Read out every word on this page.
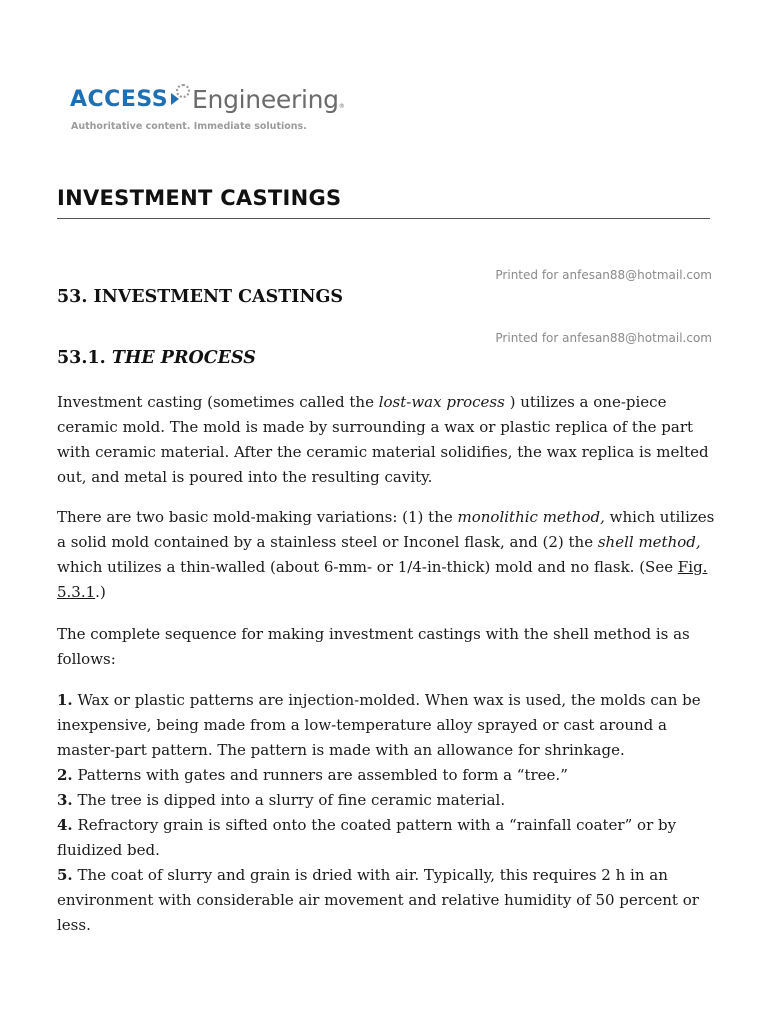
ACCESS Engineering ®
Authoritative content. Immediate solutions.
INVESTMENT CASTINGS
Printed for anfesan88@hotmail.com
53. INVESTMENT CASTINGS
Printed for anfesan88@hotmail.com
53.1. THE PROCESS

Investment casting (sometimes called the lost-wax process ) utilizes a one-piece ceramic mold. The mold is made by surrounding a wax or plastic replica of the part with ceramic material. After the ceramic material solidifies, the wax replica is melted out, and metal is poured into the resulting cavity.

There are two basic mold-making variations: (1) the monolithic method, which utilizes a solid mold contained by a stainless steel or Inconel flask, and (2) the shell method, which utilizes a thin-walled (about 6-mm- or 1/4-in-thick) mold and no flask. (See Fig. 5.3.1.)

The complete sequence for making investment castings with the shell method is as follows:

1. Wax or plastic patterns are injection-molded. When wax is used, the molds can be inexpensive, being made from a low-temperature alloy sprayed or cast around a master-part pattern. The pattern is made with an allowance for shrinkage.

2. Patterns with gates and runners are assembled to form a “tree.”

3. The tree is dipped into a slurry of fine ceramic material.

4. Refractory grain is sifted onto the coated pattern with a “rainfall coater” or by fluidized bed.

5. The coat of slurry and grain is dried with air. Typically, this requires 2 h in an environment with considerable air movement and relative humidity of 50 percent or less.
